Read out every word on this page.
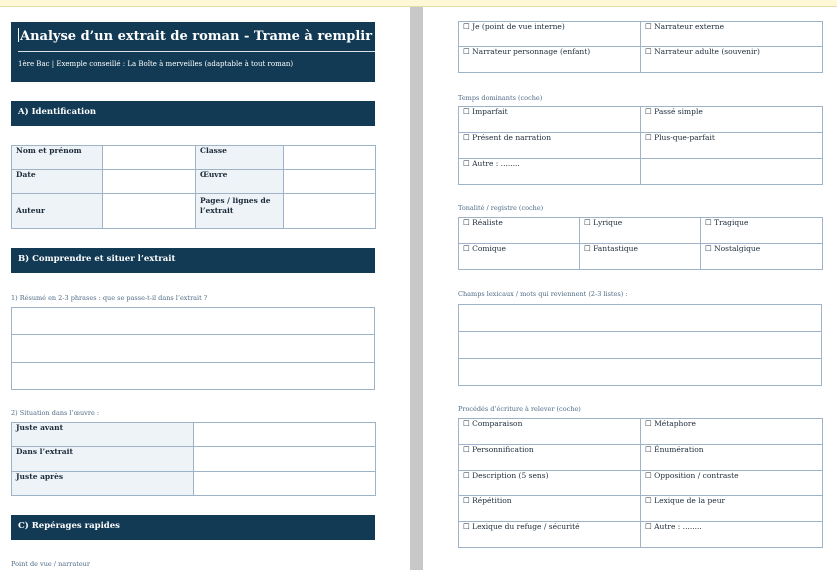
Analyse d’un extrait de roman - Trame à remplir
1ère Bac | Exemple conseillé : La Boîte à merveilles (adaptable à tout roman)
A) Identification
Nom et prénom		Classe	
Date		Œuvre	
Auteur		Pages / lignes de l’extrait	
B) Comprendre et situer l’extrait
1) Résumé en 2-3 phrases : que se passe-t-il dans l’extrait ?

2) Situation dans l’œuvre :
Juste avant	
Dans l’extrait	
Juste après	
C) Repérages rapides
Point de vue / narrateur
☐ Je (point de vue interne)	☐ Narrateur externe
☐ Narrateur personnage (enfant)	☐ Narrateur adulte (souvenir)
Temps dominants (coche)
☐ Imparfait	☐ Passé simple
☐ Présent de narration	☐ Plus-que-parfait
☐ Autre : ........	
Tonalité / registre (coche)
☐ Réaliste	☐ Lyrique	☐ Tragique
☐ Comique	☐ Fantastique	☐ Nostalgique
Champs lexicaux / mots qui reviennent (2-3 listes) :

Procédés d’écriture à relever (coche)
☐ Comparaison	☐ Métaphore
☐ Personnification	☐ Énumération
☐ Description (5 sens)	☐ Opposition / contraste
☐ Répétition	☐ Lexique de la peur
☐ Lexique du refuge / sécurité	☐ Autre : ........
